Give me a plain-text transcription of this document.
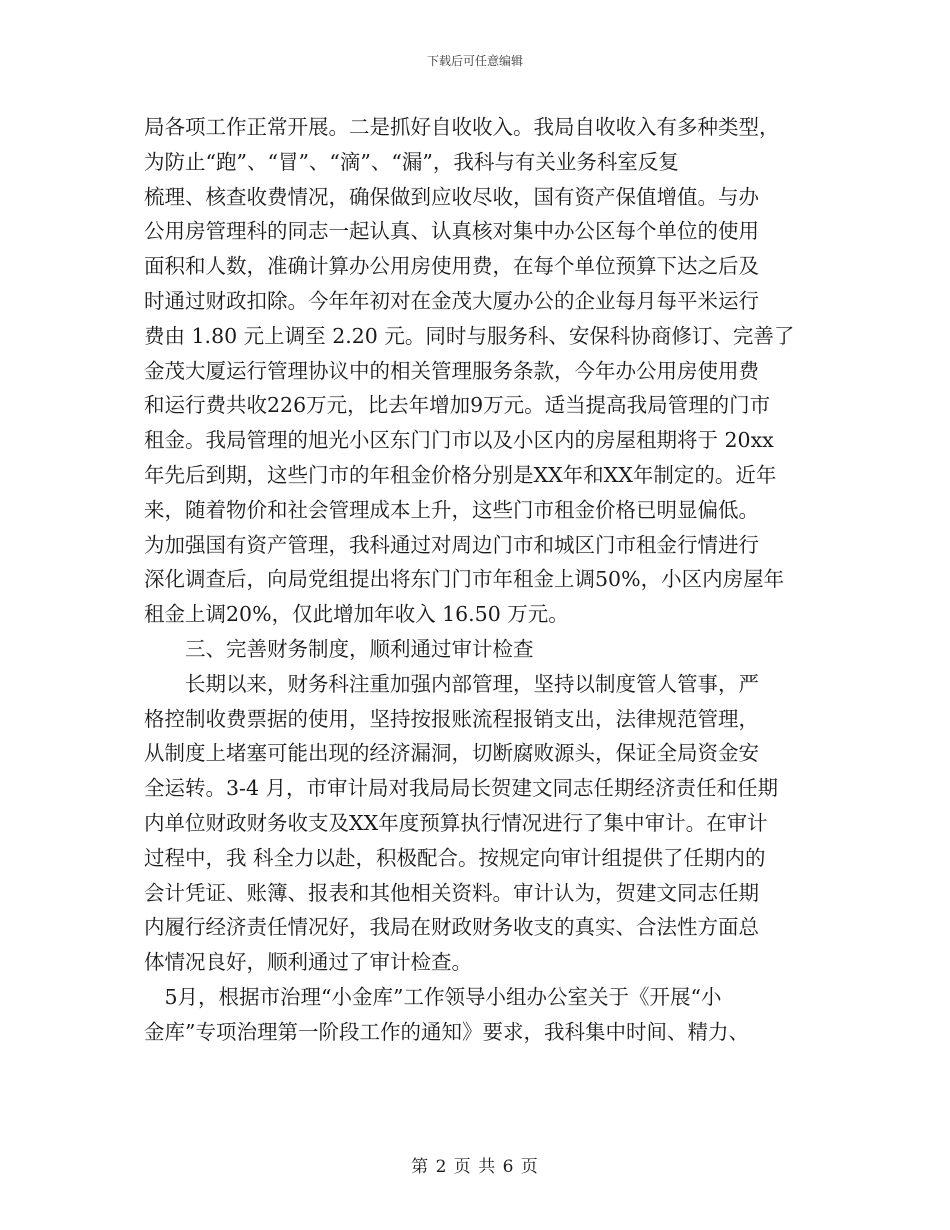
下载后可任意编辑
局各项工作正常开展。二是抓好自收收入。我局自收收入有多种类型，
为防止“跑”、“冒”、“滴”、“漏”，我科与有关业务科室反复
梳理、核查收费情况，确保做到应收尽收，国有资产保值增值。与办
公用房管理科的同志一起认真、认真核对集中办公区每个单位的使用
面积和人数，准确计算办公用房使用费，在每个单位预算下达之后及
时通过财政扣除。今年年初对在金茂大厦办公的企业每月每平米运行
费由 1.80 元上调至 2.20 元。同时与服务科、安保科协商修订、完善了
金茂大厦运行管理协议中的相关管理服务条款，今年办公用房使用费
和运行费共收226万元，比去年增加9万元。适当提高我局管理的门市
租金。我局管理的旭光小区东门门市以及小区内的房屋租期将于 20xx
年先后到期，这些门市的年租金价格分别是XX年和XX年制定的。近年
来，随着物价和社会管理成本上升，这些门市租金价格已明显偏低。
为加强国有资产管理，我科通过对周边门市和城区门市租金行情进行
深化调查后，向局党组提出将东门门市年租金上调50%，小区内房屋年
租金上调20%，仅此增加年收入 16.50 万元。
　　三、完善财务制度，顺利通过审计检查
　　长期以来，财务科注重加强内部管理，坚持以制度管人管事，严
格控制收费票据的使用，坚持按报账流程报销支出，法律规范管理，
从制度上堵塞可能出现的经济漏洞，切断腐败源头，保证全局资金安
全运转。3-4 月，市审计局对我局局长贺建文同志任期经济责任和任期
内单位财政财务收支及XX年度预算执行情况进行了集中审计。在审计
过程中，我 科全力以赴，积极配合。按规定向审计组提供了任期内的
会计凭证、账簿、报表和其他相关资料。审计认为，贺建文同志任期
内履行经济责任情况好，我局在财政财务收支的真实、合法性方面总
体情况良好，顺利通过了审计检查。
　5月，根据市治理“小金库”工作领导小组办公室关于《开展“小
金库”专项治理第一阶段工作的通知》要求，我科集中时间、精力、
第 2 页 共 6 页
